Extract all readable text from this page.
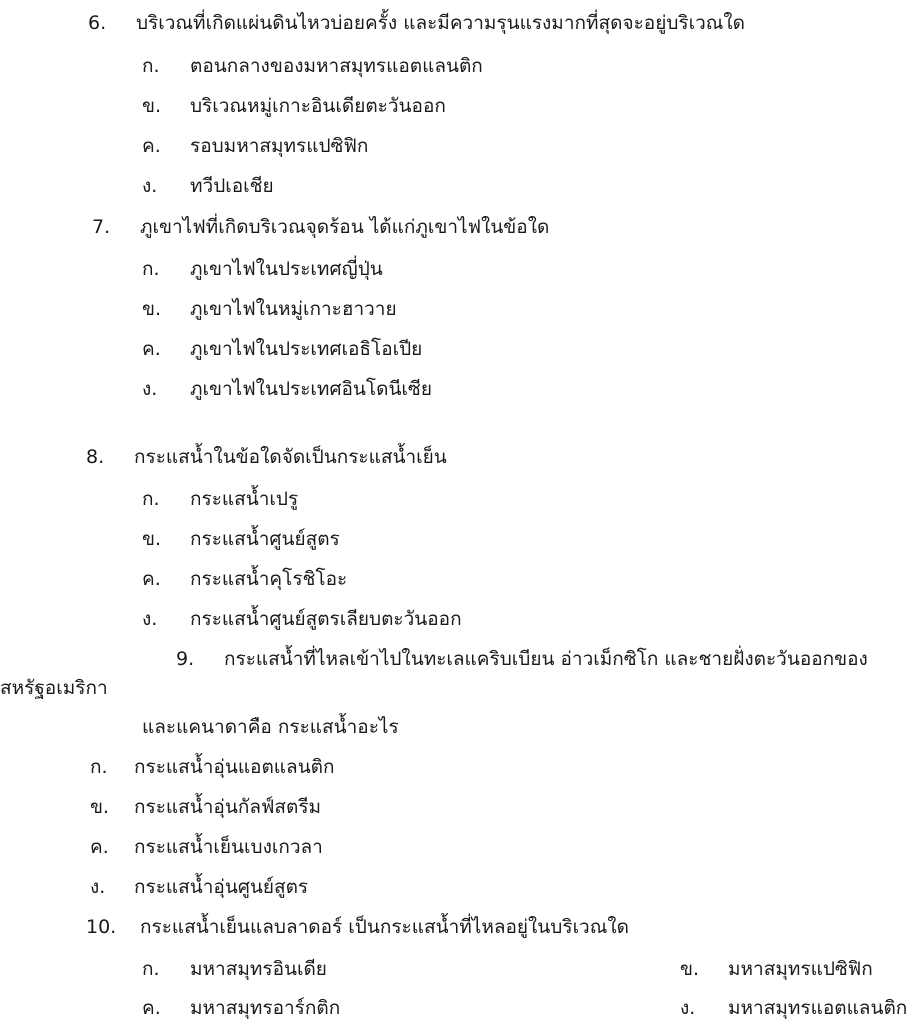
6. บริเวณที่เกิดแผ่นดินไหวบ่อยครั้ง และมีความรุนแรงมากที่สุดจะอยู่บริเวณใด
ก. ตอนกลางของมหาสมุทรแอตแลนติก
ข. บริเวณหมู่เกาะอินเดียตะวันออก
ค. รอบมหาสมุทรแปซิฟิก
ง. ทวีปเอเชีย
7. ภูเขาไฟที่เกิดบริเวณจุดร้อน ได้แก่ภูเขาไฟในข้อใด
ก. ภูเขาไฟในประเทศญี่ปุ่น
ข. ภูเขาไฟในหมู่เกาะฮาวาย
ค. ภูเขาไฟในประเทศเอธิโอเปีย
ง. ภูเขาไฟในประเทศอินโดนีเซีย
8. กระแสน้ำในข้อใดจัดเป็นกระแสน้ำเย็น
ก. กระแสน้ำเปรู
ข. กระแสน้ำศูนย์สูตร
ค. กระแสน้ำคุโรชิโอะ
ง. กระแสน้ำศูนย์สูตรเลียบตะวันออก
9. กระแสน้ำที่ไหลเข้าไปในทะเลแคริบเบียน อ่าวเม็กซิโก และชายฝั่งตะวันออกของ
สหรัฐอเมริกา
และแคนาดาคือ กระแสน้ำอะไร
ก. กระแสน้ำอุ่นแอตแลนติก
ข. กระแสน้ำอุ่นกัลฟ์สตรีม
ค. กระแสน้ำเย็นเบงเกวลา
ง. กระแสน้ำอุ่นศูนย์สูตร
10. กระแสน้ำเย็นแลบลาดอร์ เป็นกระแสน้ำที่ไหลอยู่ในบริเวณใด
ก. มหาสมุทรอินเดีย	ข. มหาสมุทรแปซิฟิก
ค. มหาสมุทรอาร์กติก	ง. มหาสมุทรแอตแลนติก
